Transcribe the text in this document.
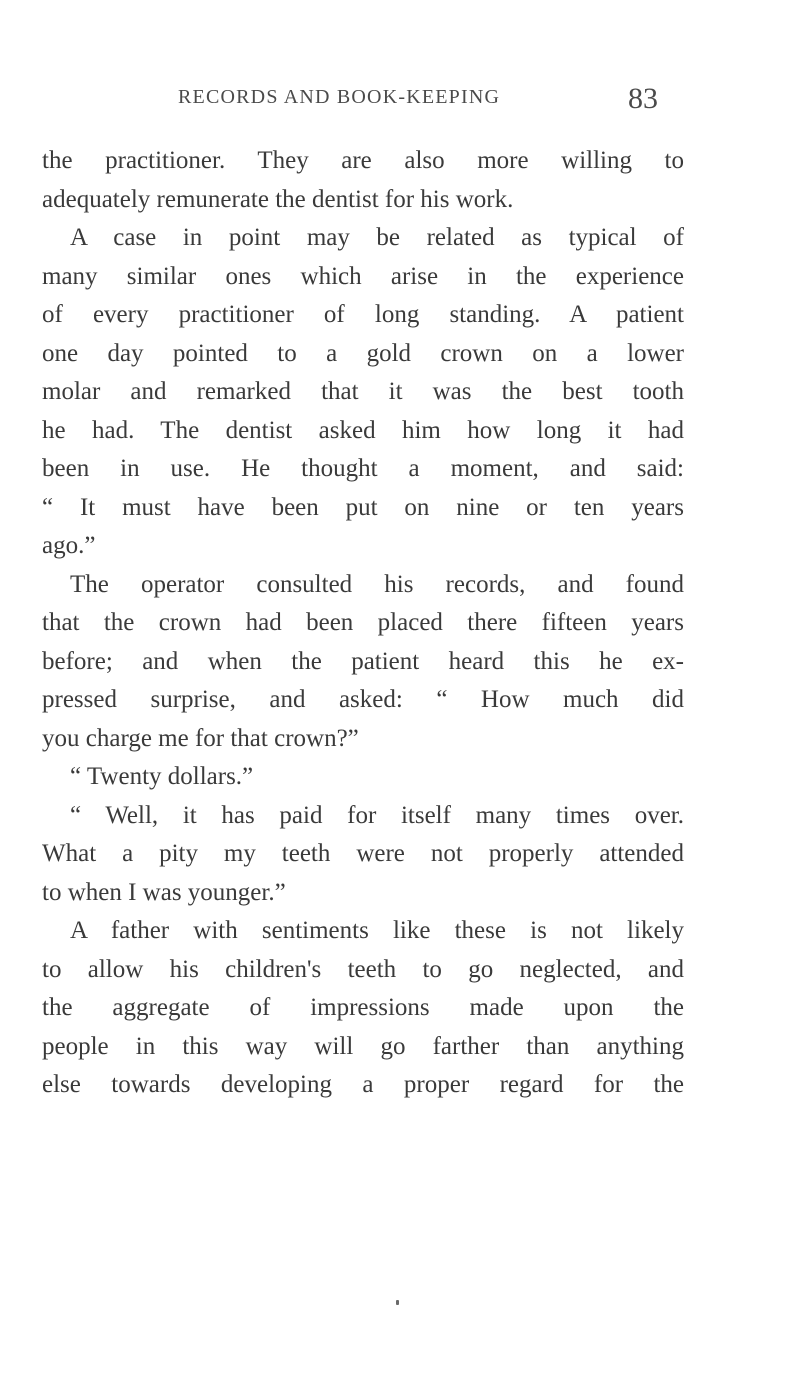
RECORDS AND BOOK-KEEPING	83
the practitioner. They are also more willing to
adequately remunerate the dentist for his work.
A case in point may be related as typical of
many similar ones which arise in the experience
of every practitioner of long standing. A patient
one day pointed to a gold crown on a lower
molar and remarked that it was the best tooth
he had. The dentist asked him how long it had
been in use. He thought a moment, and said:
“ It must have been put on nine or ten years
ago.”
The operator consulted his records, and found
that the crown had been placed there fifteen years
before; and when the patient heard this he ex-
pressed surprise, and asked: “ How much did
you charge me for that crown?”
“ Twenty dollars.”
“ Well, it has paid for itself many times over.
What a pity my teeth were not properly attended
to when I was younger.”
A father with sentiments like these is not likely
to allow his children's teeth to go neglected, and
the aggregate of impressions made upon the
people in this way will go farther than anything
else towards developing a proper regard for the
